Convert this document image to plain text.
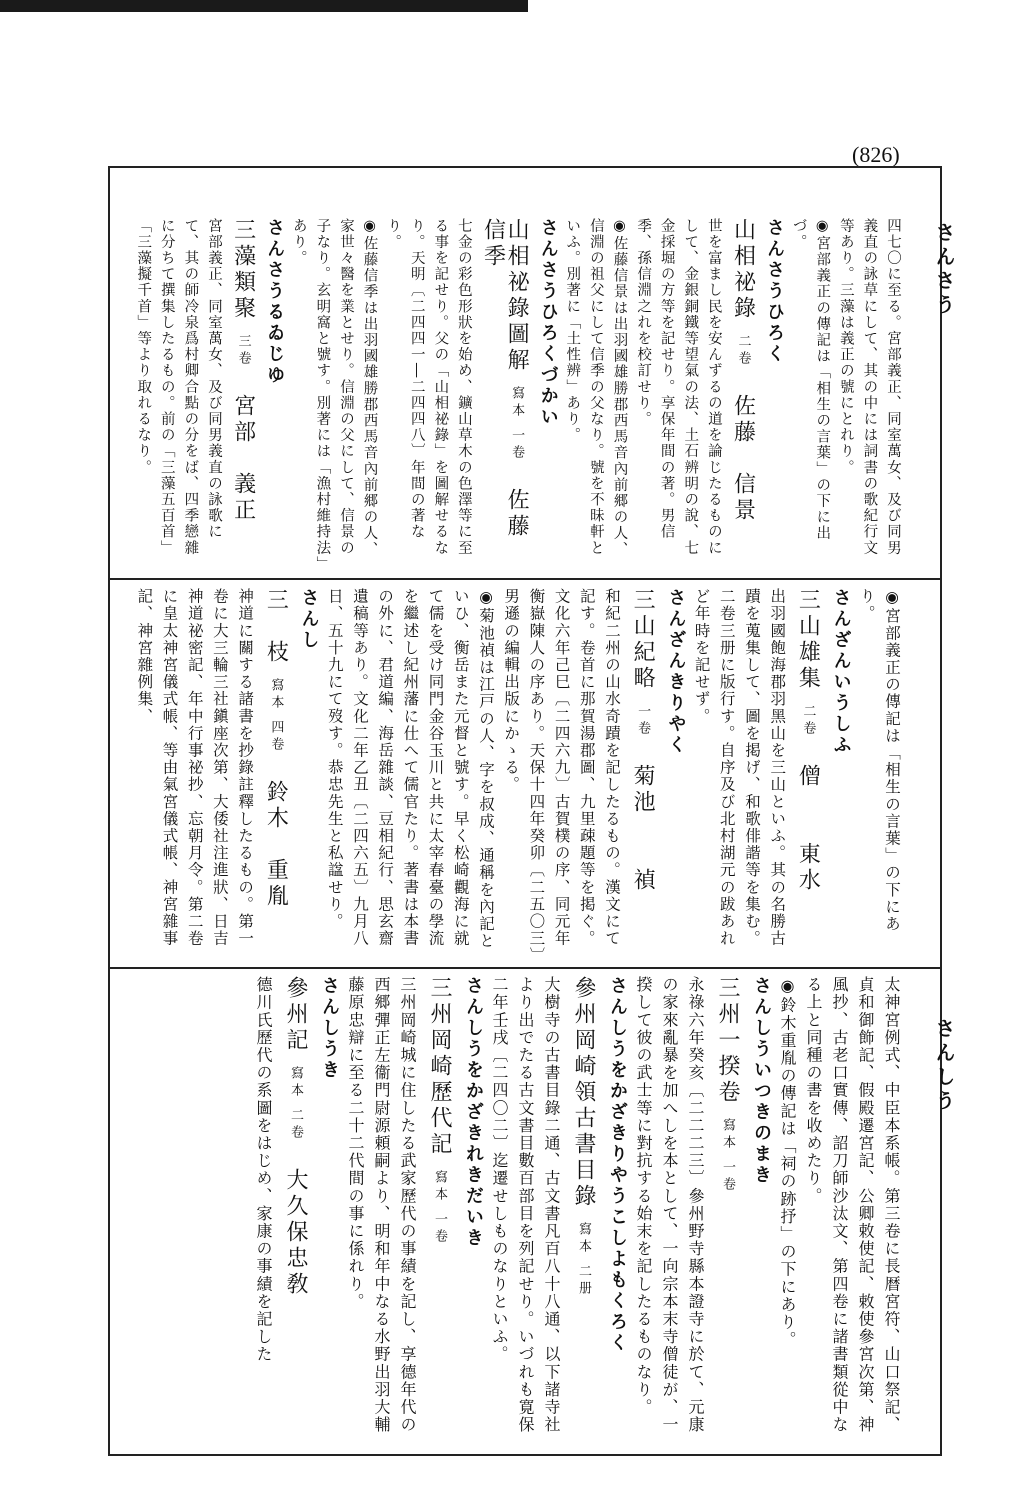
(826)
さんさう
さんしう
四七〇に至る。宮部義正、同室萬女、及び同男義直の詠草にして、其の中には詞書の歌紀行文等あり。三藻は義正の號にとれり。
◉宮部義正の傳記は「相生の言葉」の下に出づ。
さんさうひろく
山相祕錄二卷佐藤　信景
世を富まし民を安んずるの道を論じたるものにして、金銀銅鐵等望氣の法、土石辨明の說、七金採堀の方等を記せり。享保年間の著。男信季、孫信淵之れを校訂せり。
◉佐藤信景は出羽國雄勝郡西馬音內前郷の人、信淵の祖父にして信季の父なり。號を不昧軒といふ。別著に「土性辨」あり。
さんさうひろくづかい
山相祕錄圖解寫本 一卷佐藤　信季
七金の彩色形狀を始め、鑛山草木の色澤等に至る事を記せり。父の「山相祕錄」を圖解せるなり。天明〔二四四一―二四四八〕年間の著なり。
◉佐藤信季は出羽國雄勝郡西馬音內前郷の人、家世々醫を業とせり。信淵の父にして、信景の子なり。玄明窩と號す。別著には「漁村維持法」あり。
さんさうるゐじゆ
三藻類聚三卷宮部　義正
宮部義正、同室萬女、及び同男義直の詠歌にて、其の師冷泉爲村卿合點の分をば、四季戀雜に分ちて撰集したるもの。前の「三藻五百首」「三藻擬千首」等より取れるなり。
◉宮部義正の傳記は「相生の言葉」の下にあり。
さんざんいうしふ
三山雄集二卷僧　　東水
出羽國飽海郡羽黑山を三山といふ。其の名勝古蹟を蒐集して、圖を掲げ、和歌俳諧等を集む。二卷三册に版行す。自序及び北村湖元の跋あれど年時を記せず。
さんざんきりやく
三山紀略一卷菊池　　禎
和紀二州の山水奇蹟を記したるもの。漢文にて記す。卷首に那賀湯郡圖、九里疎題等を掲ぐ。文化六年己巳〔二四六九〕古賀樸の序、同元年衡嶽陳人の序あり。天保十四年癸卯〔二五〇三〕男遜の編輯出版にかゝる。
◉菊池禎は江戸の人、字を叔成、通稱を內記といひ、衡岳また元督と號す。早く松崎觀海に就て儒を受け同門金谷玉川と共に太宰春臺の學流を繼述し紀州藩に仕へて儒官たり。著書は本書の外に、君道編、海岳雜談、豆相紀行、思玄齋遺稿等あり。文化二年乙丑〔二四六五〕九月八日、五十九にて歿す。恭忠先生と私諡せり。
さんし
三　枝寫本 四卷鈴木　重胤
神道に關する諸書を抄錄註釋したるもの。第一卷に大三輪三社鎭座次第、大倭社注進狀、日吉神道祕密記、年中行事祕抄、忘朝月令。第二卷に皇太神宮儀式帳、等由氣宮儀式帳、神宮雜事記、神宮雜例集、
太神宮例式、中臣本系帳。第三卷に長暦宮符、山口祭記、貞和御飾記、假殿遷宮記、公卿敕使記、敕使參宮次第、神風抄、古老口實傳、詔刀師沙汰文、第四卷に諸書類從中なる上と同種の書を收めたり。
◉鈴木重胤の傳記は「祠の跡抒」の下にあり。
さんしういつきのまき
三州一揆卷寫本 一卷
永祿六年癸亥〔二二二三〕參州野寺縣本證寺に於て、元康の家來亂暴を加へしを本として、一向宗本末寺僧徒が、一揆して彼の武士等に對抗する始末を記したるものなり。
さんしうをかざきりやうこしよもくろく
參州岡崎領古書目錄寫本 二册
大樹寺の古書目錄二通、古文書凡百八十八通、以下諸寺社より出でたる古文書目數百部目を列記せり。いづれも寛保二年壬戌〔二四〇二〕迄遷せしものなりといふ。
さんしうをかざきれきだいき
三州岡崎歷代記寫本 一卷
三州岡崎城に住したる武家歷代の事績を記し、享德年代の西郷彈正左衞門尉源頼嗣より、明和年中なる水野出羽大輔藤原忠辯に至る二十二代間の事に係れり。
さんしうき
參州記寫本 二卷大久保忠敎
德川氏歷代の系圖をはじめ、家康の事績を記した
